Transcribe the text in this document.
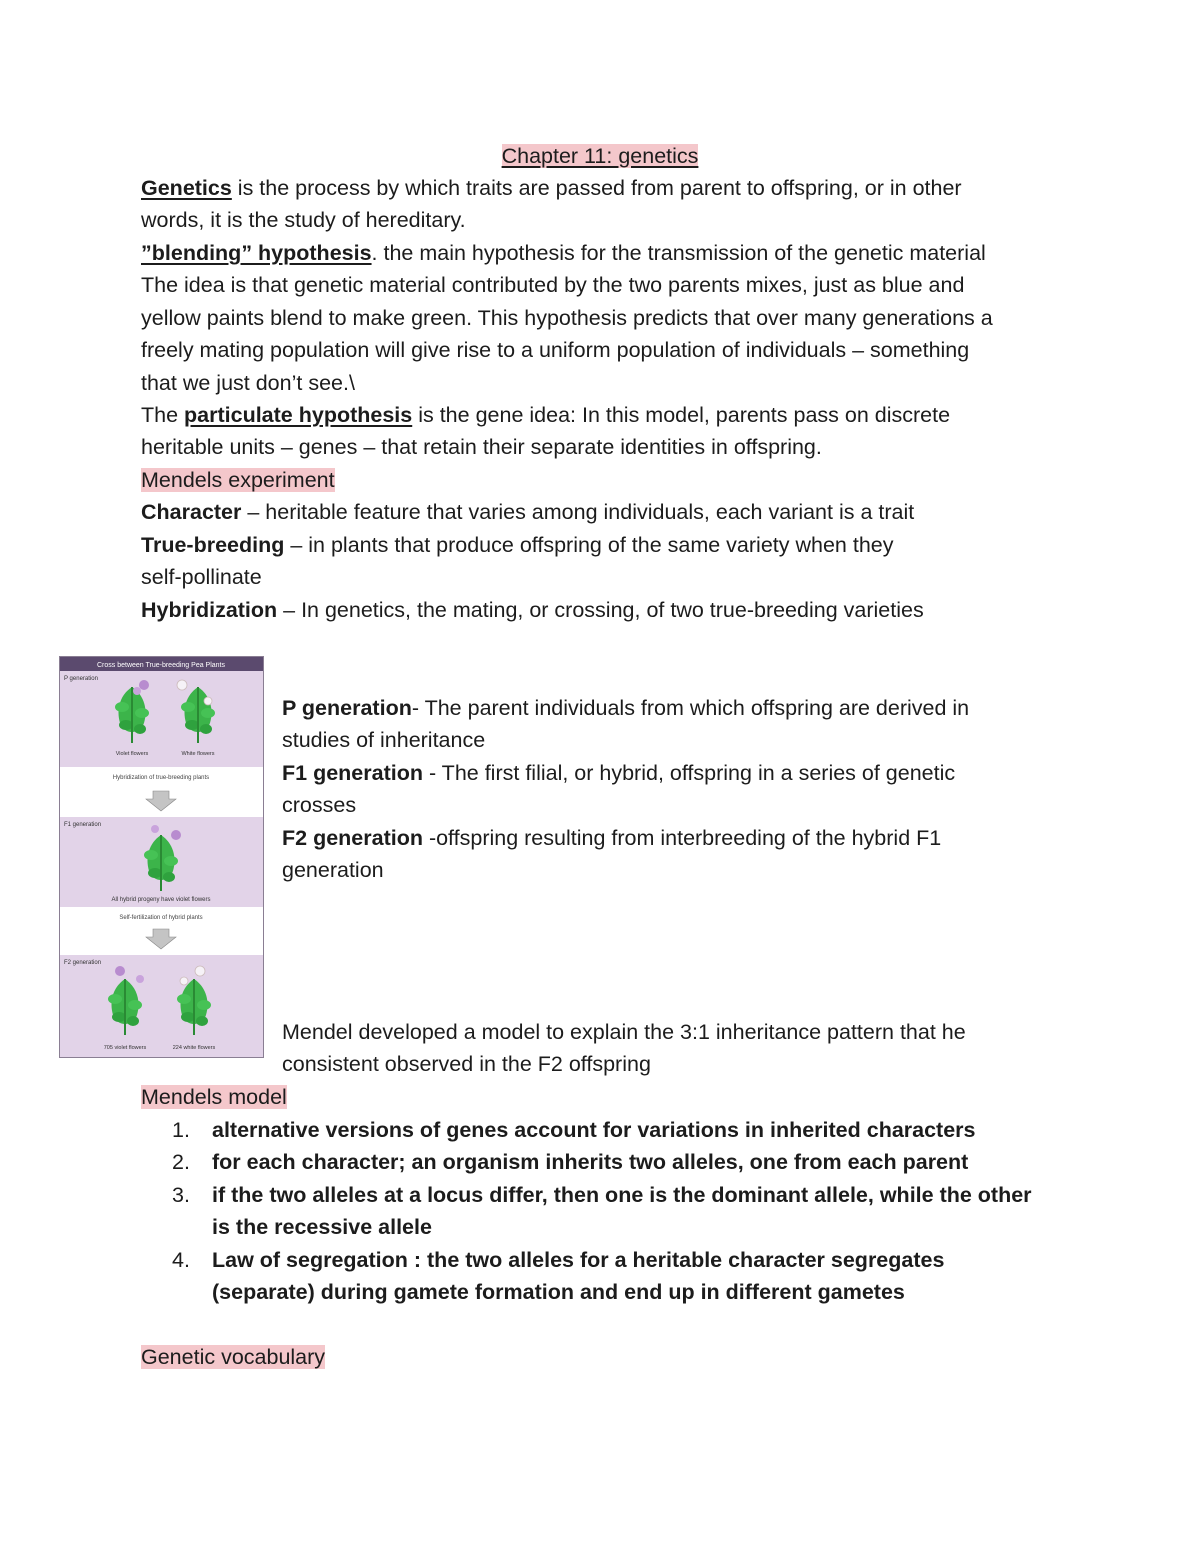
Chapter 11: genetics
Genetics is the process by which traits are passed from parent to offspring, or in other
words, it is the study of hereditary.
”blending” hypothesis. the main hypothesis for the transmission of the genetic material
The idea is that genetic material contributed by the two parents mixes, just as blue and
yellow paints blend to make green. This hypothesis predicts that over many generations a
freely mating population will give rise to a uniform population of individuals – something
that we just don’t see.\
The particulate hypothesis is the gene idea: In this model, parents pass on discrete
heritable units – genes – that retain their separate identities in offspring.
Mendels experiment
Character – heritable feature that varies among individuals, each variant is a trait
True-breeding – in plants that produce offspring of the same variety when they
self-pollinate
Hybridization – In genetics, the mating, or crossing, of two true-breeding varieties
Cross between True-breeding Pea Plants
P generation
Violet flowers	White flowers
Hybridization of true-breeding plants
F1 generation
All hybrid progeny have violet flowers
Self-fertilization of hybrid plants
F2 generation
705 violet flowers	224 white flowers
P generation- The parent individuals from which offspring are derived in
studies of inheritance
F1 generation - The first filial, or hybrid, offspring in a series of genetic
crosses
F2 generation -offspring resulting from interbreeding of the hybrid F1
generation
Mendel developed a model to explain the 3:1 inheritance pattern that he
consistent observed in the F2 offspring
Mendels model
1. alternative versions of genes account for variations in inherited characters
2. for each character; an organism inherits two alleles, one from each parent
3. if the two alleles at a locus differ, then one is the dominant allele, while the other
is the recessive allele
4. Law of segregation : the two alleles for a heritable character segregates
(separate) during gamete formation and end up in different gametes
Genetic vocabulary
